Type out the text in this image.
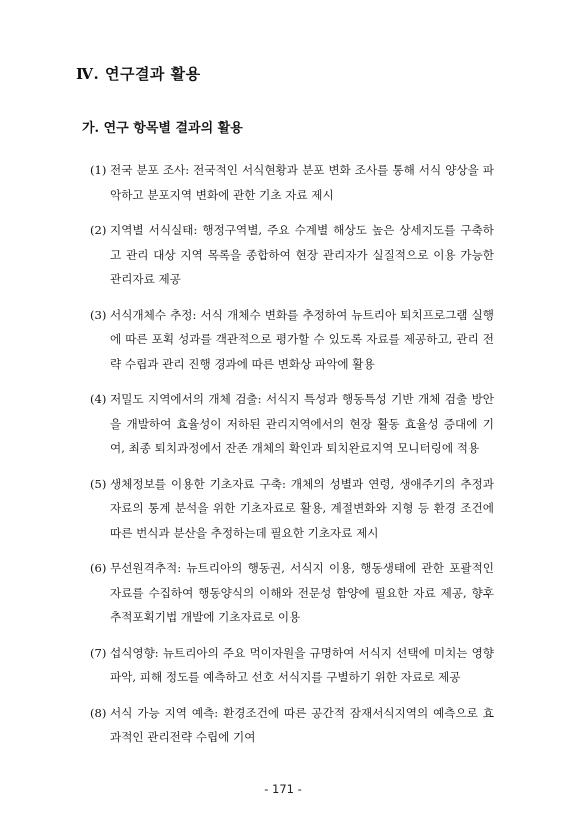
Ⅳ. 연구결과 활용
가. 연구 항목별 결과의 활용
(1) 전국 분포 조사: 전국적인 서식현황과 분포 변화 조사를 통해 서식 양상을 파악하고 분포지역 변화에 관한 기초 자료 제시
(2) 지역별 서식실태: 행정구역별, 주요 수계별 해상도 높은 상세지도를 구축하고 관리 대상 지역 목록을 종합하여 현장 관리자가 실질적으로 이용 가능한 관리자료 제공
(3) 서식개체수 추정: 서식 개체수 변화를 추정하여 뉴트리아 퇴치프로그램 실행에 따른 포획 성과를 객관적으로 평가할 수 있도록 자료를 제공하고, 관리 전략 수립과 관리 진행 경과에 따른 변화상 파악에 활용
(4) 저밀도 지역에서의 개체 검출: 서식지 특성과 행동특성 기반 개체 검출 방안을 개발하여 효율성이 저하된 관리지역에서의 현장 활동 효율성 증대에 기여, 최종 퇴치과정에서 잔존 개체의 확인과 퇴치완료지역 모니터링에 적용
(5) 생체정보를 이용한 기초자료 구축: 개체의 성별과 연령, 생애주기의 추정과 자료의 통계 분석을 위한 기초자료로 활용, 계절변화와 지형 등 환경 조건에 따른 번식과 분산을 추정하는데 필요한 기초자료 제시
(6) 무선원격추적: 뉴트리아의 행동권, 서식지 이용, 행동생태에 관한 포괄적인 자료를 수집하여 행동양식의 이해와 전문성 함양에 필요한 자료 제공, 향후 추적포획기법 개발에 기초자료로 이용
(7) 섭식영향: 뉴트리아의 주요 먹이자원을 규명하여 서식지 선택에 미치는 영향 파악, 피해 정도를 예측하고 선호 서식지를 구별하기 위한 자료로 제공
(8) 서식 가능 지역 예측: 환경조건에 따른 공간적 잠재서식지역의 예측으로 효과적인 관리전략 수립에 기여
- 171 -
